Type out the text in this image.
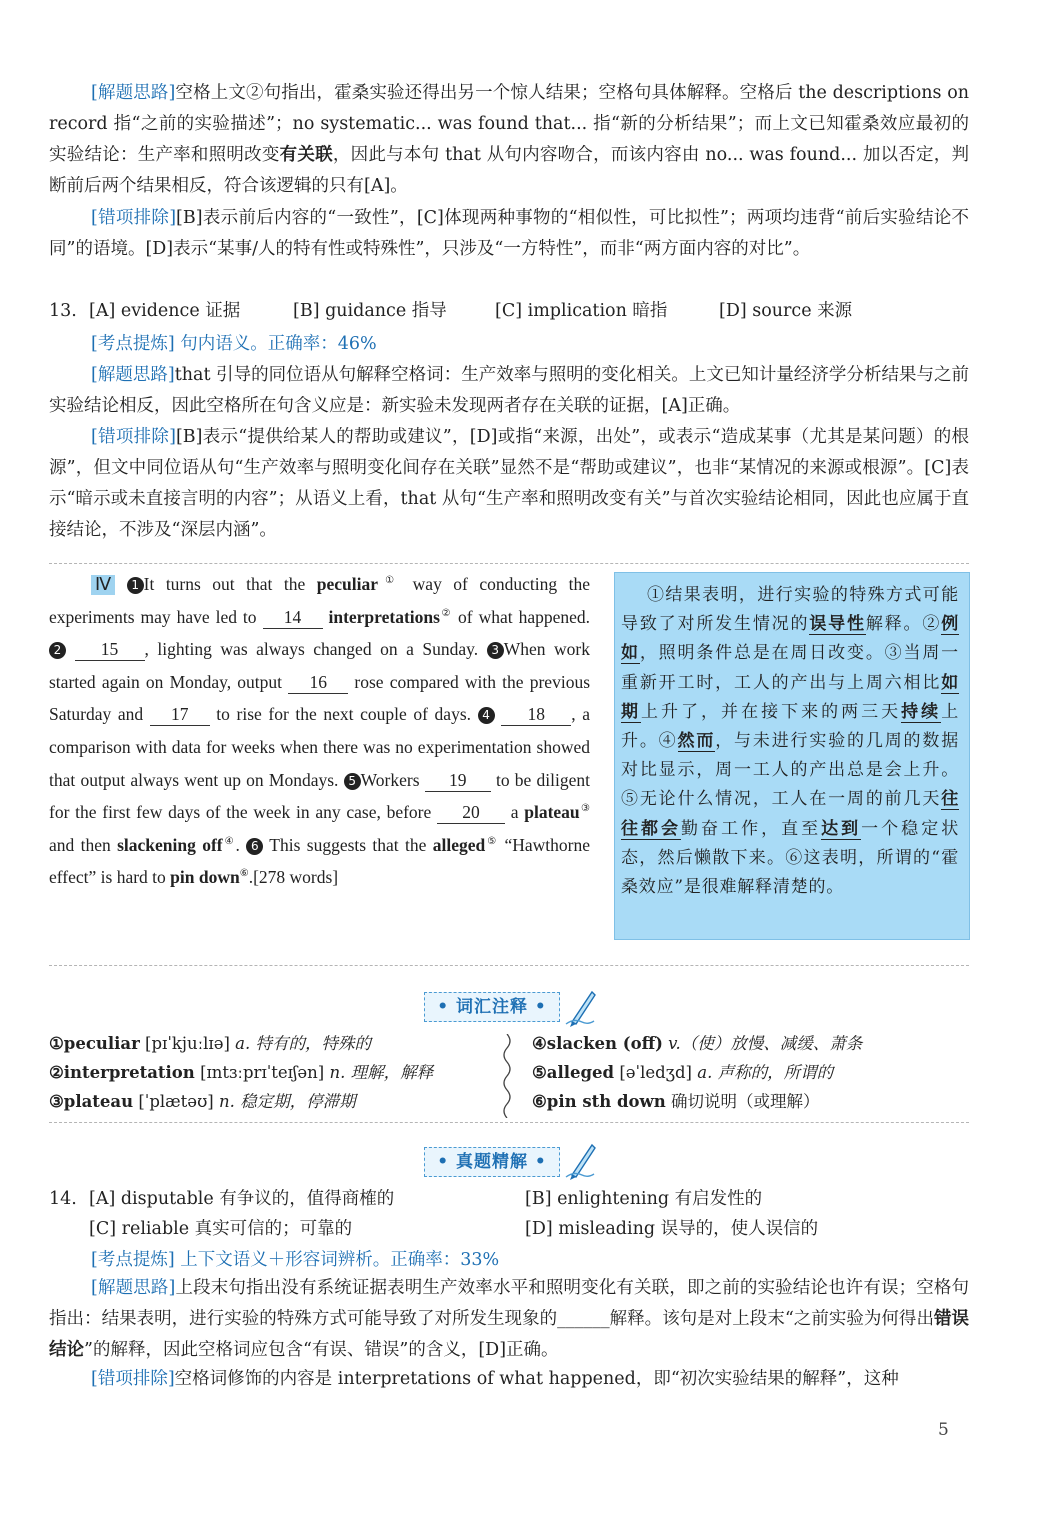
[解题思路]空格上文②句指出，霍桑实验还得出另一个惊人结果；空格句具体解释。空格后 the descriptions on record 指“之前的实验描述”；no systematic... was found that... 指“新的分析结果”；而上文已知霍桑效应最初的实验结论：生产率和照明改变有关联，因此与本句 that 从句内容吻合，而该内容由 no... was found... 加以否定，判断前后两个结果相反，符合该逻辑的只有[A]。
[错项排除][B]表示前后内容的“一致性”，[C]体现两种事物的“相似性，可比拟性”；两项均违背“前后实验结论不同”的语境。[D]表示“某事/人的特有性或特殊性”，只涉及“一方特性”，而非“两方面内容的对比”。
13. [A] evidence 证据	[B] guidance 指导	[C] implication 暗指	[D] source 来源
[考点提炼] 句内语义。正确率：46%
[解题思路]that 引导的同位语从句解释空格词：生产效率与照明的变化相关。上文已知计量经济学分析结果与之前实验结论相反，因此空格所在句含义应是：新实验未发现两者存在关联的证据，[A]正确。
[错项排除][B]表示“提供给某人的帮助或建议”，[D]或指“来源，出处”，或表示“造成某事（尤其是某问题）的根源”，但文中同位语从句“生产效率与照明变化间存在关联”显然不是“帮助或建议”，也非“某情况的来源或根源”。[C]表示“暗示或未直接言明的内容”；从语义上看，that 从句“生产率和照明改变有关”与首次实验结论相同，因此也应属于直接结论，不涉及“深层内涵”。
Ⅳ 1 It turns out that the peculiar① way of conducting the experiments may have led to 14 interpretations② of what happened. 2 15 , lighting was always changed on a Sunday. 3 When work started again on Monday, output 16 rose compared with the previous Saturday and 17 to rise for the next couple of days. 4 18 , a comparison with data for weeks when there was no experimentation showed that output always went up on Mondays. 5 Workers 19 to be diligent for the first few days of the week in any case, before 20 a plateau③ and then slackening off④. 6 This suggests that the alleged⑤ “Hawthorne effect” is hard to pin down⑥.[278 words]
①结果表明，进行实验的特殊方式可能导致了对所发生情况的误导性解释。②例如，照明条件总是在周日改变。③当周一重新开工时，工人的产出与上周六相比如期上升了，并在接下来的两三天持续上升。④然而，与未进行实验的几周的数据对比显示，周一工人的产出总是会上升。⑤无论什么情况，工人在一周的前几天往往都会勤奋工作，直至达到一个稳定状态，然后懒散下来。⑥这表明，所谓的“霍桑效应”是很难解释清楚的。
• 词汇注释 •
①peculiar [pɪˈkjuːlɪə] a. 特有的，特殊的
②interpretation [ɪntɜːprɪˈteɪʃən] n. 理解，解释
③plateau [ˈplætəʊ] n. 稳定期，停滞期
④slacken (off) v.（使）放慢、减缓、萧条
⑤alleged [əˈledʒd] a. 声称的，所谓的
⑥pin sth down 确切说明（或理解）
• 真题精解 •
14. [A] disputable 有争议的，值得商榷的	[B] enlightening 有启发性的
[C] reliable 真实可信的；可靠的	[D] misleading 误导的，使人误信的
[考点提炼] 上下文语义＋形容词辨析。正确率：33%
[解题思路]上段末句指出没有系统证据表明生产效率水平和照明变化有关联，即之前的实验结论也许有误；空格句指出：结果表明，进行实验的特殊方式可能导致了对所发生现象的______解释。该句是对上段末“之前实验为何得出错误结论”的解释，因此空格词应包含“有误、错误”的含义，[D]正确。
[错项排除]空格词修饰的内容是 interpretations of what happened，即“初次实验结果的解释”，这种
5
